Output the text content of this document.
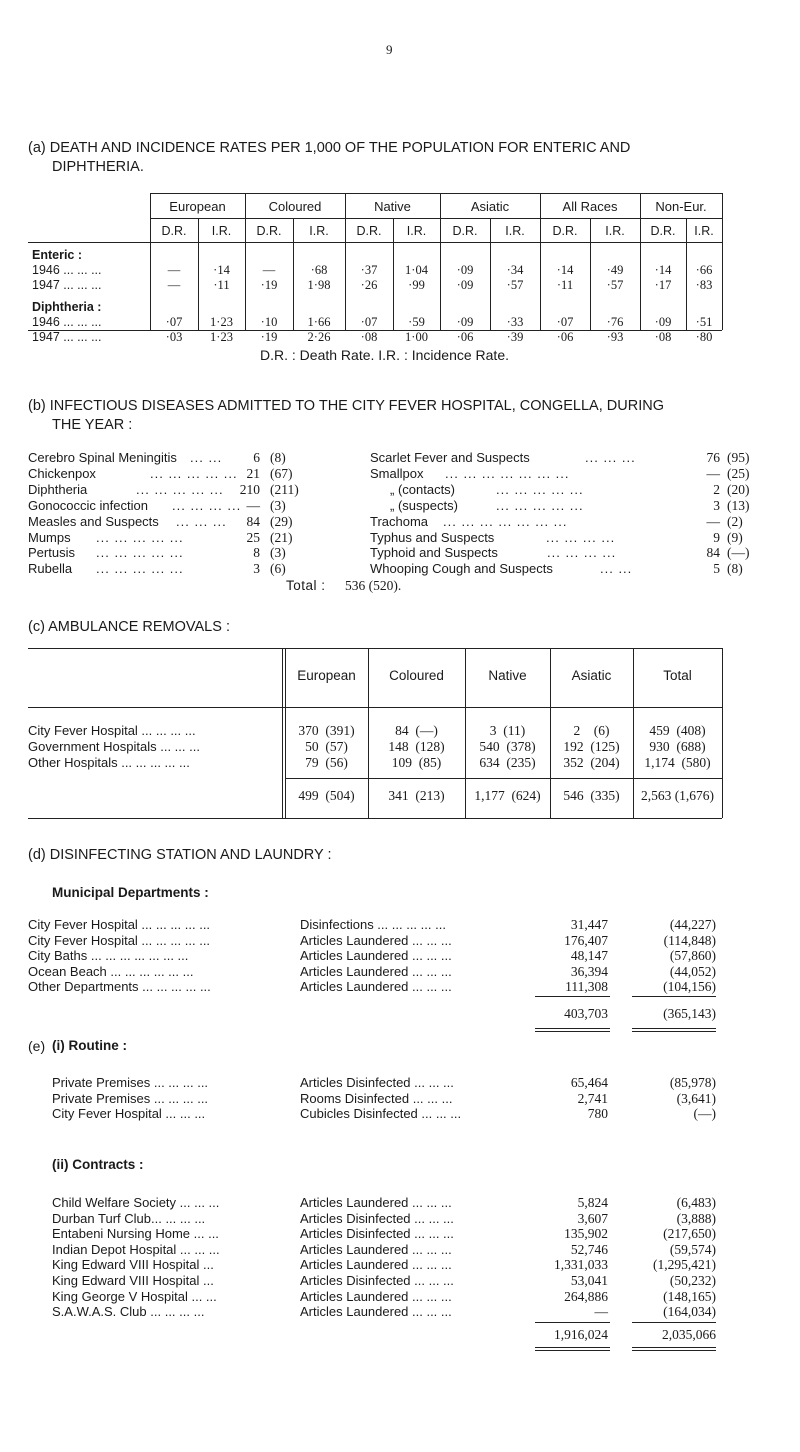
9
(a) DEATH AND INCIDENCE RATES PER 1,000 OF THE POPULATION FOR ENTERIC AND
DIPHTHERIA.
European	Coloured	Native	Asiatic	All Races	Non-Eur.
D.R.	I.R.	D.R.	I.R.	D.R.	I.R.	D.R.	I.R.	D.R.	I.R.	D.R.	I.R.
Enteric :
1946 ... ... ...	—	·14	—	·68	·37	1·04	·09	·34	·14	·49	·14	·66
1947 ... ... ...	—	·11	·19	1·98	·26	·99	·09	·57	·11	·57	·17	·83
Diphtheria :
1946 ... ... ...	·07	1·23	·10	1·66	·07	·59	·09	·33	·07	·76	·09	·51
1947 ... ... ...	·03	1·23	·19	2·26	·08	1·00	·06	·39	·06	·93	·08	·80
D.R. : Death Rate. I.R. : Incidence Rate.
(b) INFECTIOUS DISEASES ADMITTED TO THE CITY FEVER HOSPITAL, CONGELLA, DURING
THE YEAR :
Cerebro Spinal Meningitis ... ...	6 (8)
Chickenpox	... ... ... ... ... 21 (67)
Diphtheria	... ... ... ... ...	210 (211)
Gonococcic infection ... ... ... ... — (3)
Measles and Suspects ... ... ...	84 (29)
Mumps ... ... ... ... ...	25 (21)
Pertusis ... ... ... ... ...	8 (3)
Rubella ... ... ... ... ...	3 (6)
Scarlet Fever and Suspects	... ... ...	76 (95)
Smallpox ... ... ... ... ... ... ...	— (25)
„ (contacts)	... ... ... ... ...	2 (20)
„ (suspects)	... ... ... ... ...	3 (13)
Trachoma ... ... ... ... ... ... ...	— (2)
Typhus and Suspects	... ... ... ...	9 (9)
Typhoid and Suspects	... ... ... ...	84 (—)
Whooping Cough and Suspects	... ...	5 (8)
Total : 536 (520).
(c) AMBULANCE REMOVALS :
European	Coloured	Native	Asiatic	Total
City Fever Hospital ... ... ... ...	370  (391)	84  (—)	3  (11)	2    (6)	459  (408)
Government Hospitals ... ... ...	50  (57)	148  (128)	540  (378)	192  (125)	930  (688)
Other Hospitals ... ... ... ... ...	79  (56)	109  (85)	634  (235)	352  (204)	1,174  (580)
499  (504)	341  (213)	1,177  (624)	546  (335)	2,563 (1,676)
(d) DISINFECTING STATION AND LAUNDRY :
Municipal Departments :
City Fever Hospital ... ... ... ... ...	Disinfections ... ... ... ... ...	31,447	(44,227)
City Fever Hospital ... ... ... ... ...	Articles Laundered ... ... ...	176,407	(114,848)
City Baths ... ... ... ... ... ... ...	Articles Laundered ... ... ...	48,147	(57,860)
Ocean Beach ... ... ... ... ... ...	Articles Laundered ... ... ...	36,394	(44,052)
Other Departments ... ... ... ... ...	Articles Laundered ... ... ...	111,308	(104,156)
403,703	(365,143)
(e) (i) Routine :
Private Premises ... ... ... ...	Articles Disinfected ... ... ...	65,464	(85,978)
Private Premises ... ... ... ...	Rooms Disinfected ... ... ...	2,741	(3,641)
City Fever Hospital ... ... ...	Cubicles Disinfected ... ... ...	780	(—)
(ii) Contracts :
Child Welfare Society ... ... ...	Articles Laundered ... ... ...	5,824	(6,483)
Durban Turf Club... ... ... ...	Articles Disinfected ... ... ...	3,607	(3,888)
Entabeni Nursing Home ... ...	Articles Disinfected ... ... ...	135,902	(217,650)
Indian Depot Hospital ... ... ...	Articles Laundered ... ... ...	52,746	(59,574)
King Edward VIII Hospital ...	Articles Laundered ... ... ...	1,331,033	(1,295,421)
King Edward VIII Hospital ...	Articles Disinfected ... ... ...	53,041	(50,232)
King George V Hospital ... ...	Articles Laundered ... ... ...	264,886	(148,165)
S.A.W.A.S. Club ... ... ... ...	Articles Laundered ... ... ...	—	(164,034)
1,916,024	2,035,066
